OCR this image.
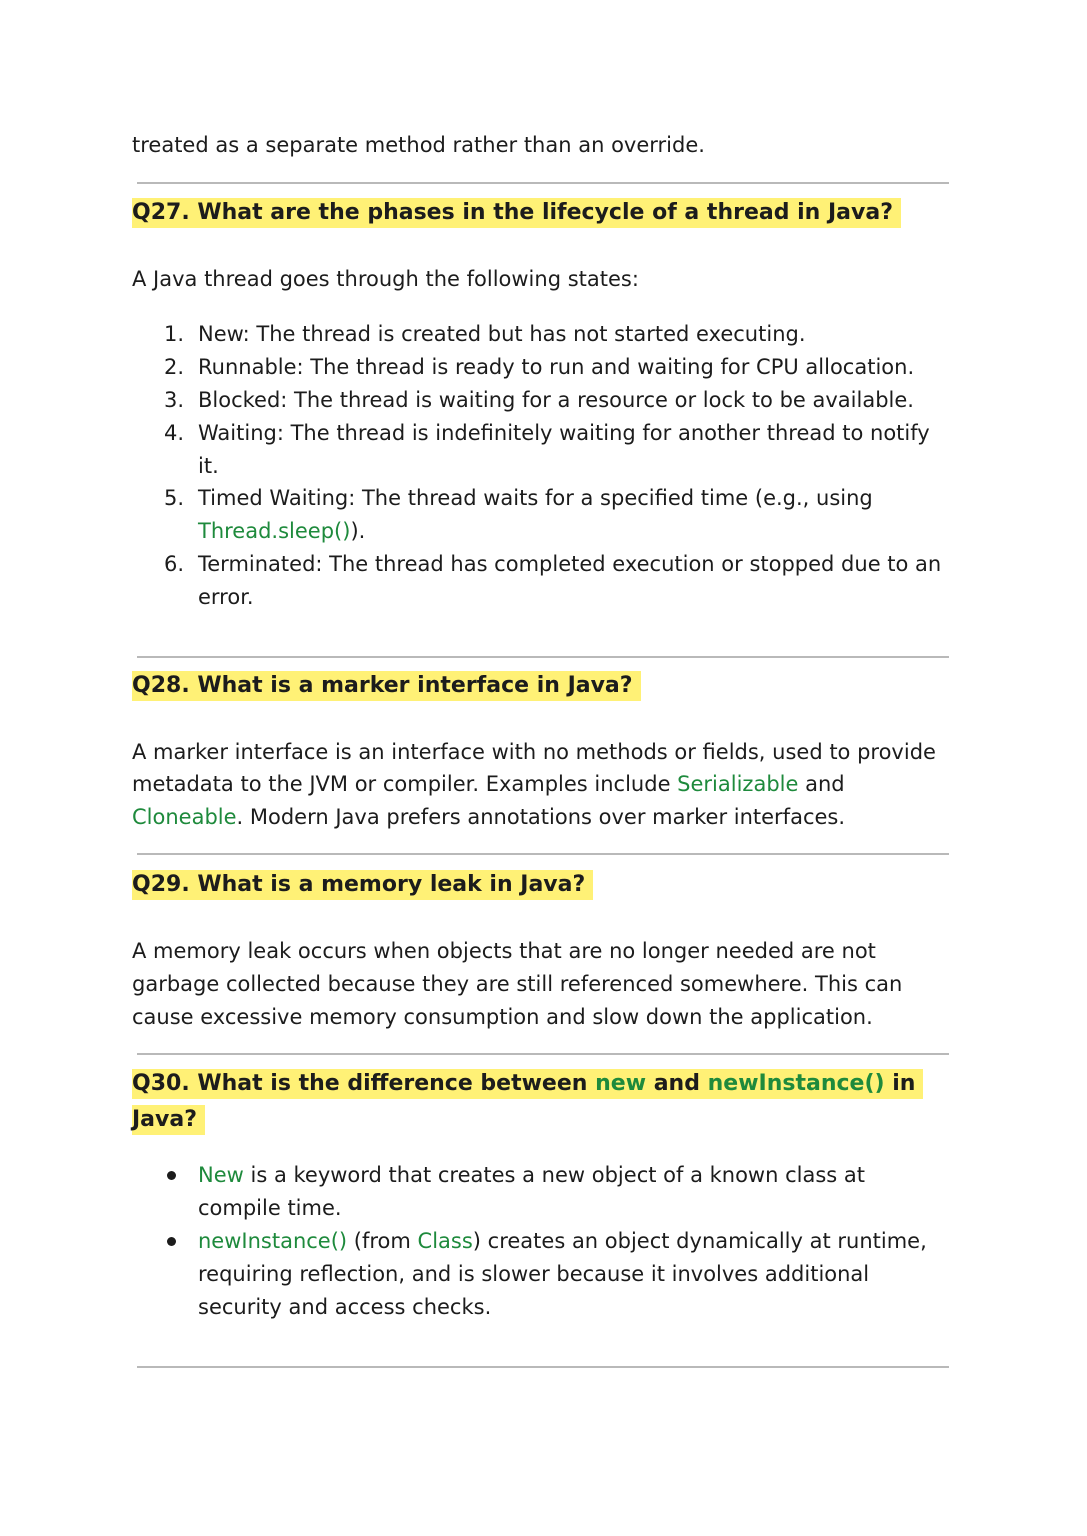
treated as a separate method rather than an override.
Q27. What are the phases in the lifecycle of a thread in Java?
A Java thread goes through the following states:
1. New: The thread is created but has not started executing.
2. Runnable: The thread is ready to run and waiting for CPU allocation.
3. Blocked: The thread is waiting for a resource or lock to be available.
4. Waiting: The thread is indefinitely waiting for another thread to notify
it.
5. Timed Waiting: The thread waits for a specified time (e.g., using
Thread.sleep()).
6. Terminated: The thread has completed execution or stopped due to an
error.
Q28. What is a marker interface in Java?
A marker interface is an interface with no methods or fields, used to provide
metadata to the JVM or compiler. Examples include Serializable and
Cloneable. Modern Java prefers annotations over marker interfaces.
Q29. What is a memory leak in Java?
A memory leak occurs when objects that are no longer needed are not
garbage collected because they are still referenced somewhere. This can
cause excessive memory consumption and slow down the application.
Q30. What is the difference between new and newInstance() in
Java?
New is a keyword that creates a new object of a known class at
compile time.
newInstance() (from Class) creates an object dynamically at runtime,
requiring reflection, and is slower because it involves additional
security and access checks.
